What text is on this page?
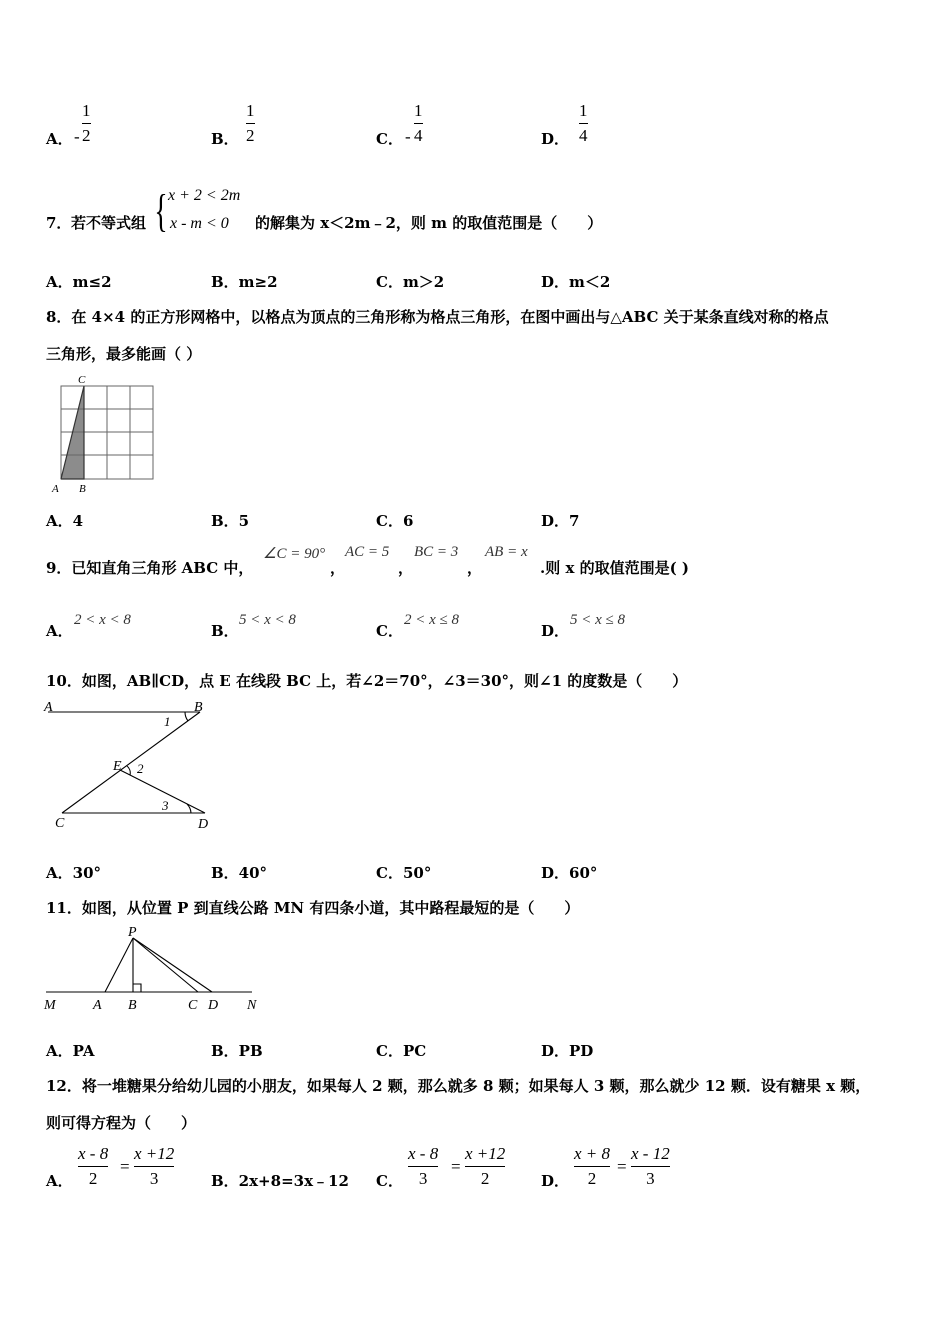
A． -
1
2	B．
1
2	C． -
1
4	D．
1
4
7． 若不等式组 { x + 2 < 2m
x - m < 0 的解集为 x＜2m﹣2，则 m 的取值范围是（　　）
A．m≤2	B．m≥2	C．m＞2	D．m＜2
8．在 4×4 的正方形网格中，以格点为顶点的三角形称为格点三角形，在图中画出与△ABC 关于某条直线对称的格点
三角形，最多能画（ ）
C
A B
A．4	B．5	C．6	D．7
9．已知直角三角形 ABC 中，
∠C = 90°
，
AC = 5
，
BC = 3
，
AB = x
.则 x 的取值范围是( )
A．
2 < x < 8
B．
5 < x < 8
C．
2 < x ≤ 8
D．
5 < x ≤ 8
10．如图，AB∥CD，点 E 在线段 BC 上，若∠2＝70°，∠3＝30°，则∠1 的度数是（　　）
A	B
C	D
E
1
2
3
A．30°	B．40°	C．50°	D．60°
11．如图，从位置 P 到直线公路 MN 有四条小道，其中路程最短的是（　　）
P
M	A B	C D N
A．PA	B．PB	C．PC	D．PD
12．将一堆糖果分给幼儿园的小朋友，如果每人 2 颗，那么就多 8 颗；如果每人 3 颗，那么就少 12 颗．设有糖果 x 颗，
则可得方程为（　　）
A．
x - 8
2
=
x +12
3	B．2x+8=3x﹣12 C．
x - 8
3
=
x +12
2	D．
x + 8
2
=
x - 12
3
